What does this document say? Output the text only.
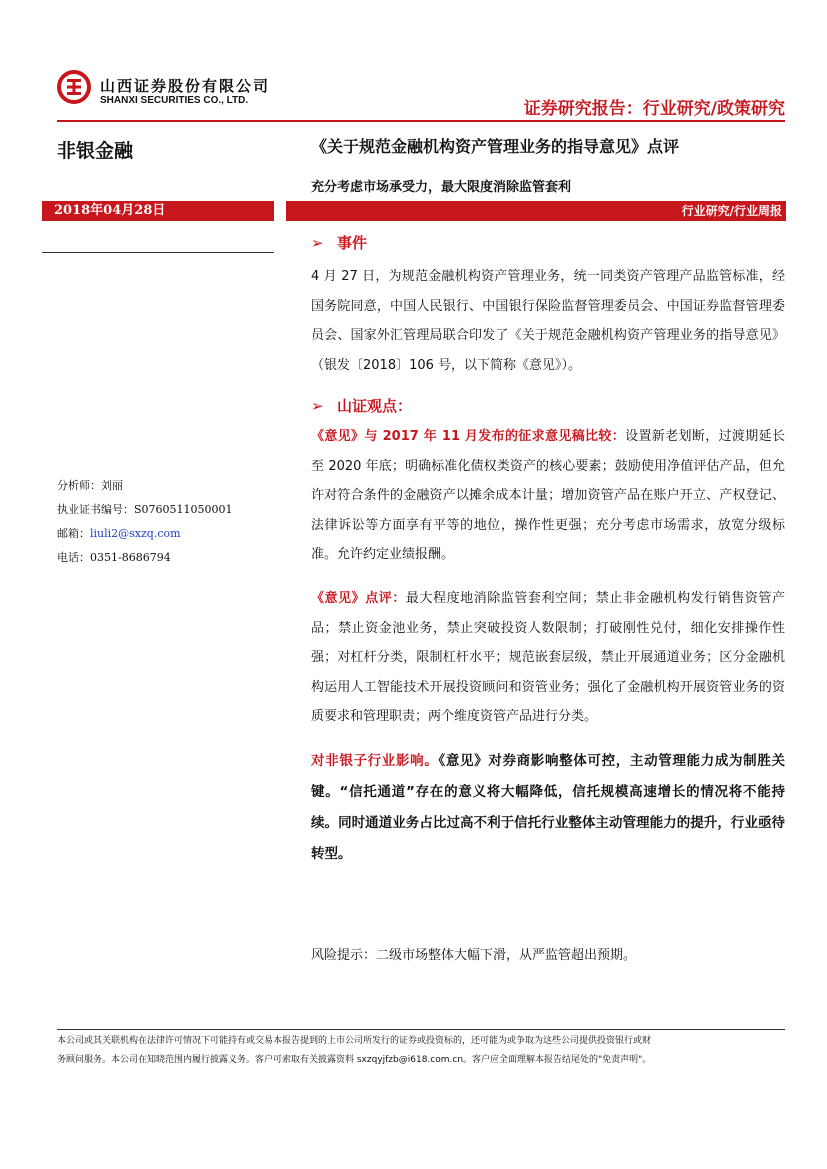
山西证券股份有限公司
SHANXI SECURITIES CO., LTD.	证券研究报告：行业研究/政策研究
非银金融	《关于规范金融机构资产管理业务的指导意见》点评
充分考虑市场承受力，最大限度消除监管套利
2018年04月28日	行业研究/行业周报
分析师：刘丽
执业证书编号：S0760511050001
邮箱：liuli2@sxzq.com
电话：0351-8686794
➢ 事件
4 月 27 日，为规范金融机构资产管理业务，统一同类资产管理产品监管标准，经国务院同意，中国人民银行、中国银行保险监督管理委员会、中国证券监督管理委员会、国家外汇管理局联合印发了《关于规范金融机构资产管理业务的指导意见》（银发〔2018〕106 号，以下简称《意见》）。
➢ 山证观点：
《意见》与 2017 年 11 月发布的征求意见稿比较：设置新老划断，过渡期延长至 2020 年底；明确标准化债权类资产的核心要素；鼓励使用净值评估产品，但允许对符合条件的金融资产以摊余成本计量；增加资管产品在账户开立、产权登记、法律诉讼等方面享有平等的地位，操作性更强；充分考虑市场需求，放宽分级标准。允许约定业绩报酬。
《意见》点评：最大程度地消除监管套利空间；禁止非金融机构发行销售资管产品；禁止资金池业务，禁止突破投资人数限制；打破刚性兑付，细化安排操作性强；对杠杆分类，限制杠杆水平；规范嵌套层级，禁止开展通道业务；区分金融机构运用人工智能技术开展投资顾问和资管业务；强化了金融机构开展资管业务的资质要求和管理职责；两个维度资管产品进行分类。
对非银子行业影响。《意见》对券商影响整体可控，主动管理能力成为制胜关键。“信托通道”存在的意义将大幅降低，信托规模高速增长的情况将不能持续。同时通道业务占比过高不利于信托行业整体主动管理能力的提升，行业亟待转型。
风险提示：二级市场整体大幅下滑，从严监管超出预期。
本公司或其关联机构在法律许可情况下可能持有或交易本报告提到的上市公司所发行的证券或投资标的，还可能为或争取为这些公司提供投资银行或财
务顾问服务。本公司在知晓范围内履行披露义务。客户可索取有关披露资料 sxzqyjfzb@i618.com.cn。客户应全面理解本报告结尾处的"免责声明"。
